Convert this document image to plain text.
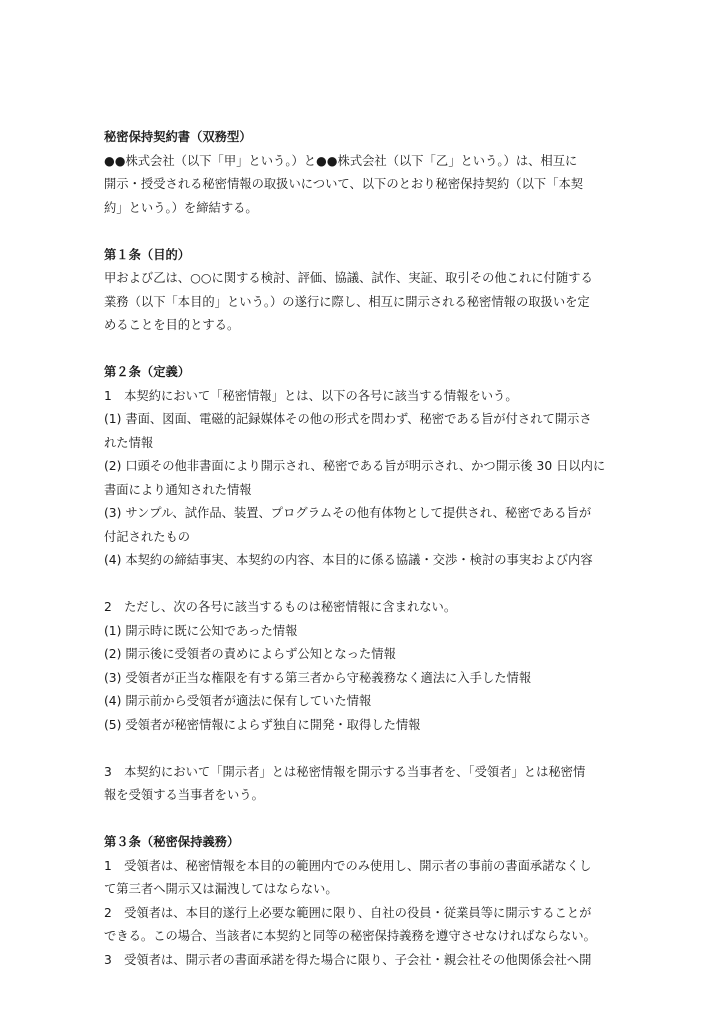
秘密保持契約書（双務型）

●●株式会社（以下「甲」という。）と●●株式会社（以下「乙」という。）は、相互に
開示・授受される秘密情報の取扱いについて、以下のとおり秘密保持契約（以下「本契
約」という。）を締結する。

第１条（目的）

甲および乙は、○○に関する検討、評価、協議、試作、実証、取引その他これに付随する
業務（以下「本目的」という。）の遂行に際し、相互に開示される秘密情報の取扱いを定
めることを目的とする。

第２条（定義）

1　本契約において「秘密情報」とは、以下の各号に該当する情報をいう。
(1) 書面、図面、電磁的記録媒体その他の形式を問わず、秘密である旨が付されて開示さ
れた情報
(2) 口頭その他非書面により開示され、秘密である旨が明示され、かつ開示後 30 日以内に
書面により通知された情報
(3) サンプル、試作品、装置、プログラムその他有体物として提供され、秘密である旨が
付記されたもの
(4) 本契約の締結事実、本契約の内容、本目的に係る協議・交渉・検討の事実および内容

2　ただし、次の各号に該当するものは秘密情報に含まれない。
(1) 開示時に既に公知であった情報
(2) 開示後に受領者の責めによらず公知となった情報
(3) 受領者が正当な権限を有する第三者から守秘義務なく適法に入手した情報
(4) 開示前から受領者が適法に保有していた情報
(5) 受領者が秘密情報によらず独自に開発・取得した情報

3　本契約において「開示者」とは秘密情報を開示する当事者を、「受領者」とは秘密情
報を受領する当事者をいう。

第３条（秘密保持義務）

1　受領者は、秘密情報を本目的の範囲内でのみ使用し、開示者の事前の書面承諾なくし
て第三者へ開示又は漏洩してはならない。
2　受領者は、本目的遂行上必要な範囲に限り、自社の役員・従業員等に開示することが
できる。この場合、当該者に本契約と同等の秘密保持義務を遵守させなければならない。
3　受領者は、開示者の書面承諾を得た場合に限り、子会社・親会社その他関係会社へ開
